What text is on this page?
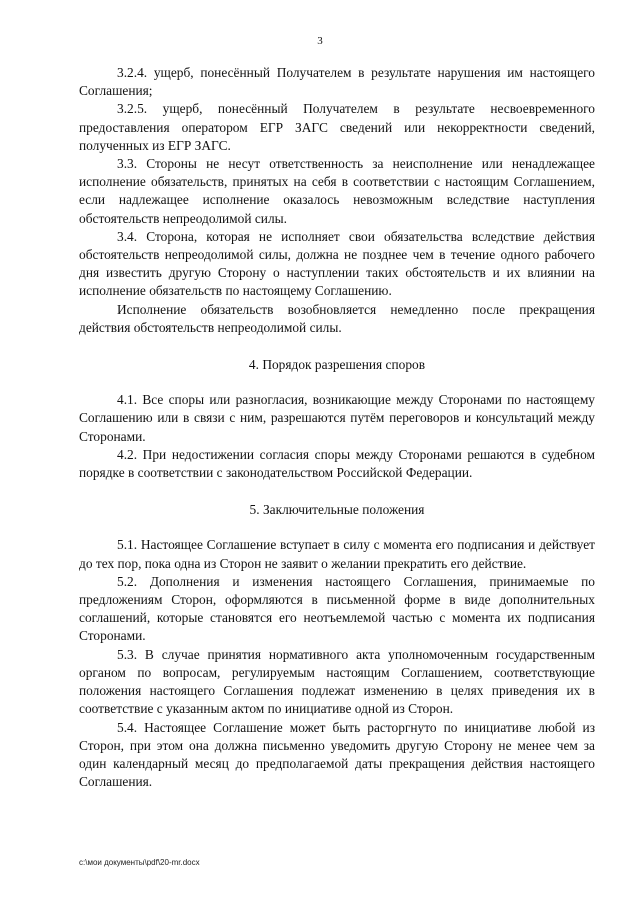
3

3.2.4. ущерб, понесённый Получателем в результате нарушения им настоящего Соглашения;

3.2.5. ущерб, понесённый Получателем в результате несвоевременного предоставления оператором ЕГР ЗАГС сведений или некорректности сведений, полученных из ЕГР ЗАГС.

3.3. Стороны не несут ответственность за неисполнение или ненадлежащее исполнение обязательств, принятых на себя в соответствии с настоящим Соглашением, если надлежащее исполнение оказалось невозможным вследствие наступления обстоятельств непреодолимой силы.

3.4. Сторона, которая не исполняет свои обязательства вследствие действия обстоятельств непреодолимой силы, должна не позднее чем в течение одного рабочего дня известить другую Сторону о наступлении таких обстоятельств и их влиянии на исполнение обязательств по настоящему Соглашению.

Исполнение обязательств возобновляется немедленно после прекращения действия обстоятельств непреодолимой силы.

4. Порядок разрешения споров

4.1. Все споры или разногласия, возникающие между Сторонами по настоящему Соглашению или в связи с ним, разрешаются путём переговоров и консультаций между Сторонами.

4.2. При недостижении согласия споры между Сторонами решаются в судебном порядке в соответствии с законодательством Российской Федерации.

5. Заключительные положения

5.1. Настоящее Соглашение вступает в силу с момента его подписания и действует до тех пор, пока одна из Сторон не заявит о желании прекратить его действие.

5.2. Дополнения и изменения настоящего Соглашения, принимаемые по предложениям Сторон, оформляются в письменной форме в виде дополнительных соглашений, которые становятся его неотъемлемой частью с момента их подписания Сторонами.

5.3. В случае принятия нормативного акта уполномоченным государственным органом по вопросам, регулируемым настоящим Соглашением, соответствующие положения настоящего Соглашения подлежат изменению в целях приведения их в соответствие с указанным актом по инициативе одной из Сторон.

5.4. Настоящее Соглашение может быть расторгнуто по инициативе любой из Сторон, при этом она должна письменно уведомить другую Сторону не менее чем за один календарный месяц до предполагаемой даты прекращения действия настоящего Соглашения.

c:\мои документы\pdf\20-mr.docx
